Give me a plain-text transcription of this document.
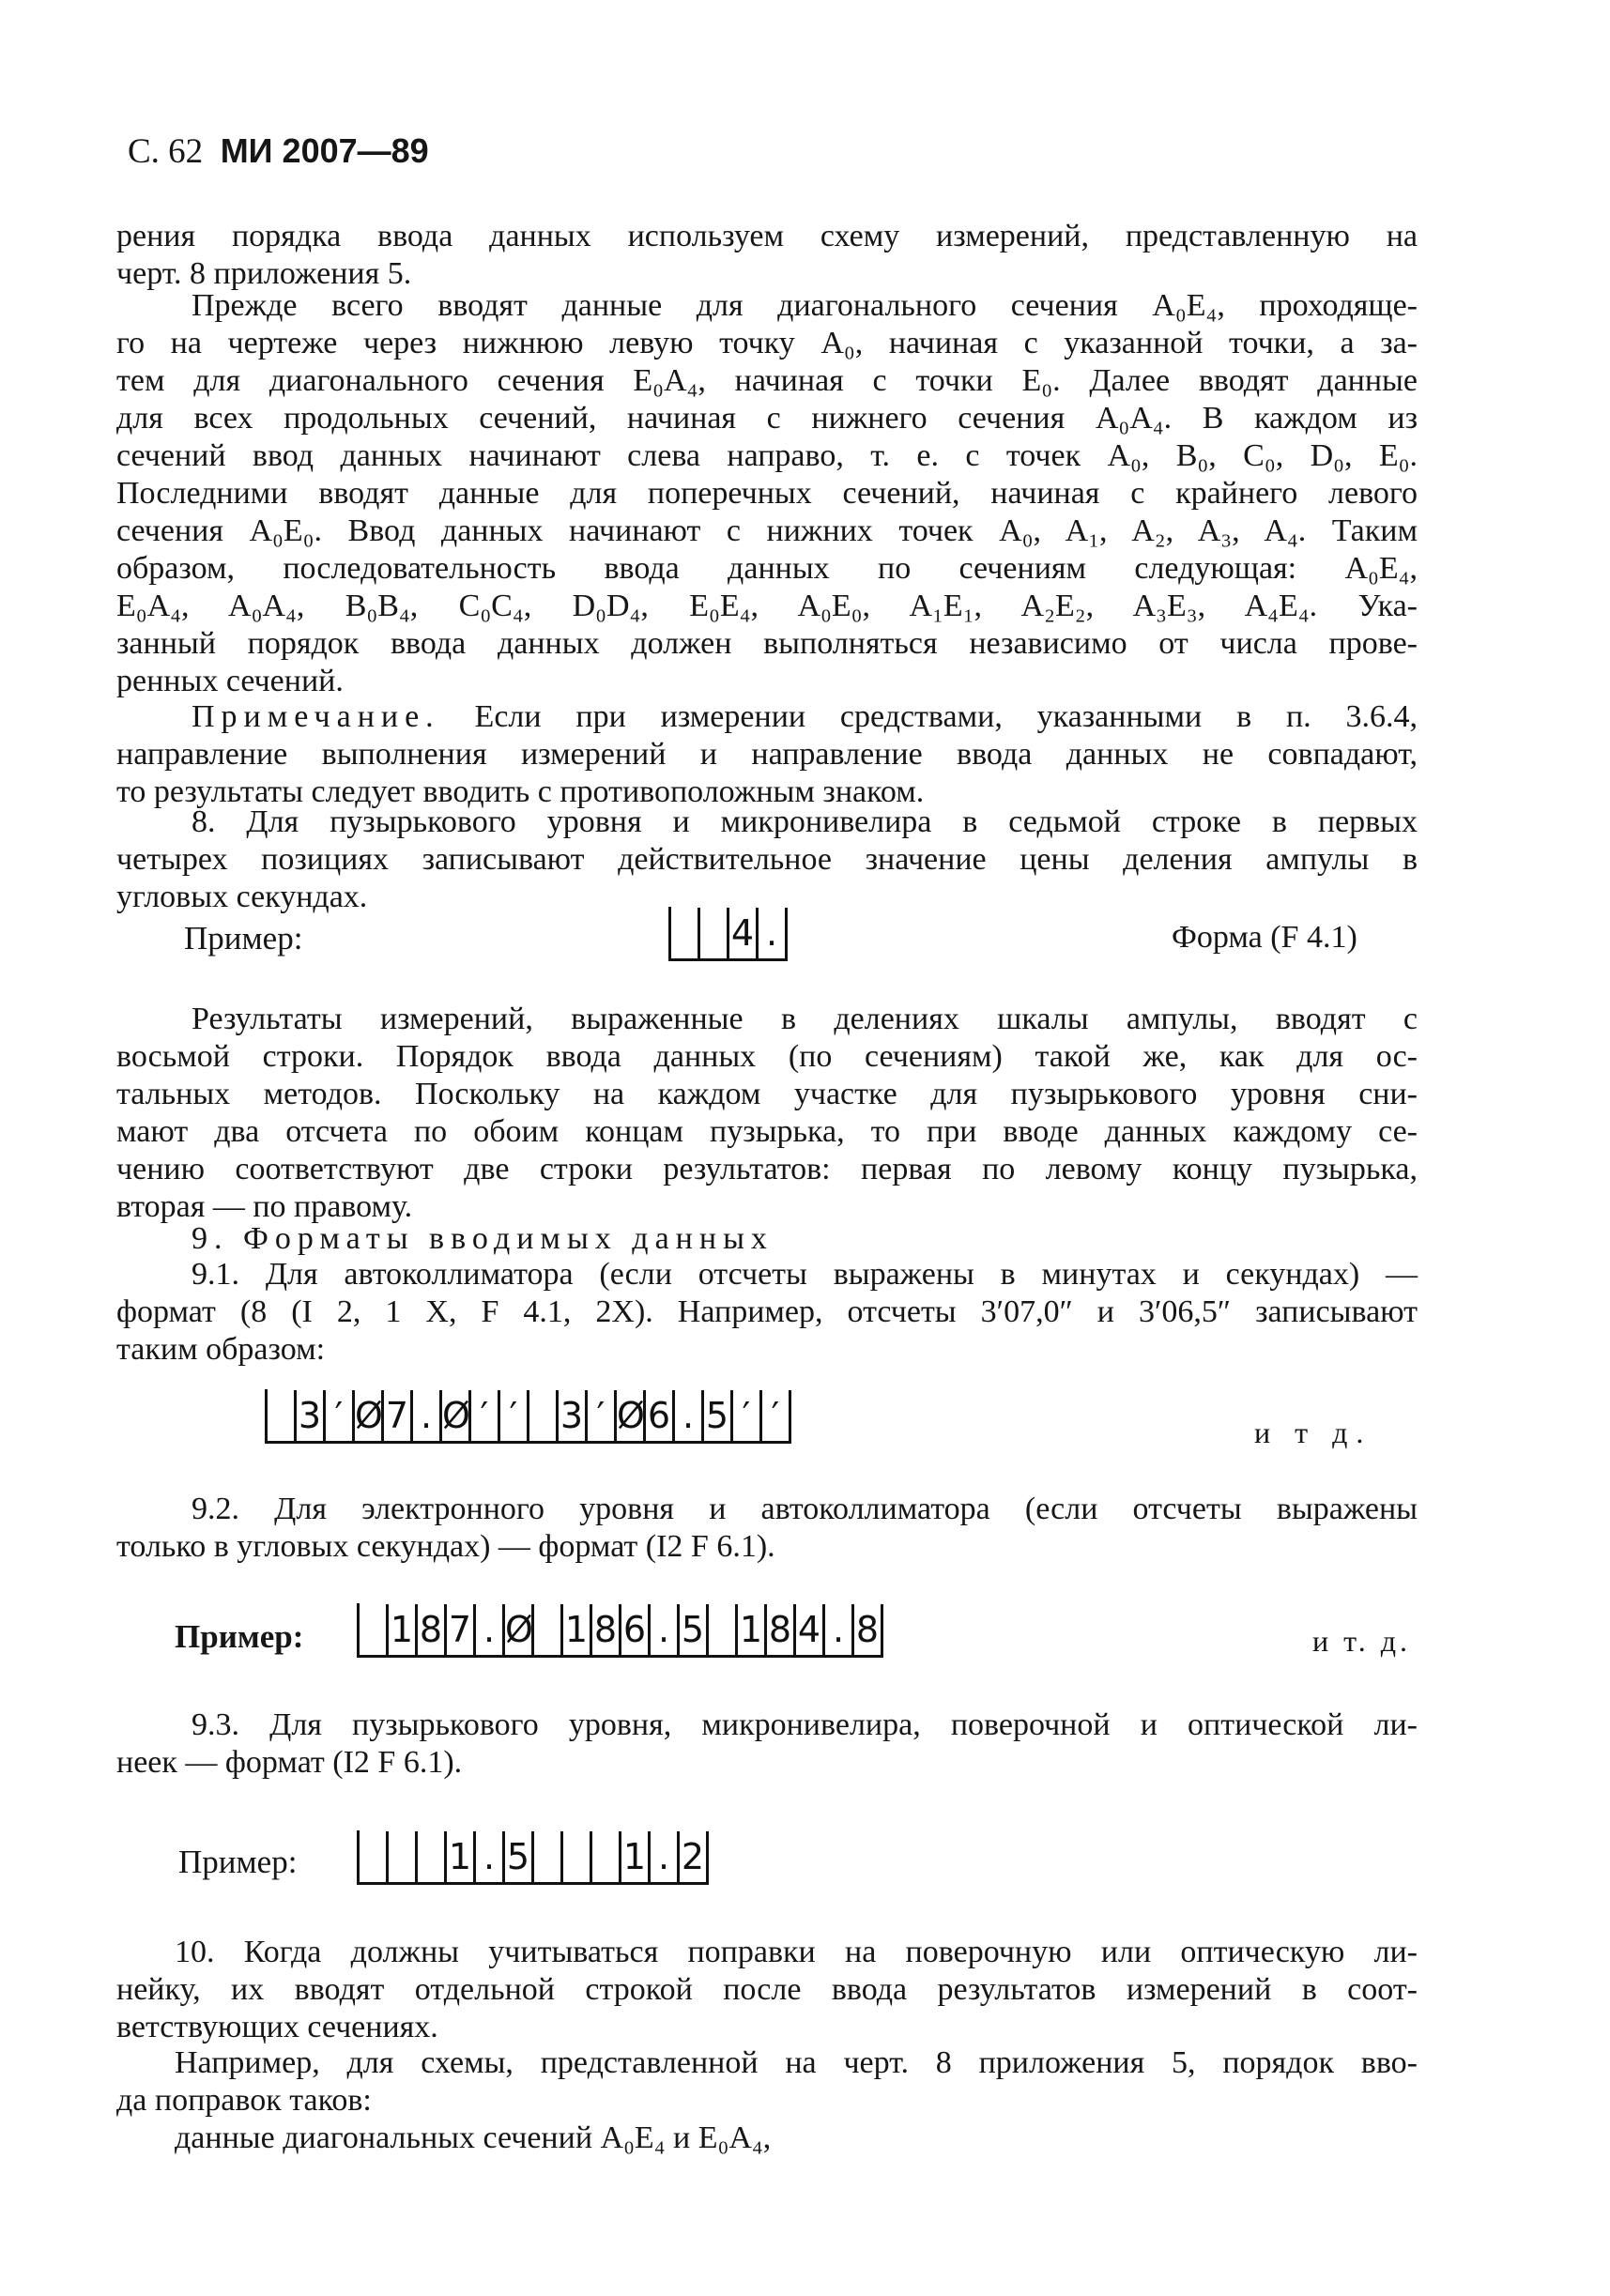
С. 62 МИ 2007—89
рения порядка ввода данных используем схему измерений, представленную на
черт. 8 приложения 5.
Прежде всего вводят данные для диагонального сечения A₀E₄, проходяще-
го на чертеже через нижнюю левую точку A₀, начиная с указанной точки, а за-
тем для диагонального сечения E₀A₄, начиная с точки E₀. Далее вводят данные
для всех продольных сечений, начиная с нижнего сечения A₀A₄. В каждом из
сечений ввод данных начинают слева направо, т. е. с точек A₀, B₀, C₀, D₀, E₀.
Последними вводят данные для поперечных сечений, начиная с крайнего левого
сечения A₀E₀. Ввод данных начинают с нижних точек A₀, A₁, A₂, A₃, A₄. Таким
образом, последовательность ввода данных по сечениям следующая: A₀E₄,
E₀A₄, A₀A₄, B₀B₄, C₀C₄, D₀D₄, E₀E₄, A₀E₀, A₁E₁, A₂E₂, A₃E₃, A₄E₄. Ука-
занный порядок ввода данных должен выполняться независимо от числа прове-
ренных сечений.
Примечание. Если при измерении средствами, указанными в п. 3.6.4,
направление выполнения измерений и направление ввода данных не совпадают,
то результаты следует вводить с противоположным знаком.
8. Для пузырькового уровня и микронивелира в седьмой строке в первых
четырех позициях записывают действительное значение цены деления ампулы в
угловых секундах.
Пример:	4 .	Форма (F 4.1)
Результаты измерений, выраженные в делениях шкалы ампулы, вводят с
восьмой строки. Порядок ввода данных (по сечениям) такой же, как для ос-
тальных методов. Поскольку на каждом участке для пузырькового уровня сни-
мают два отсчета по обоим концам пузырька, то при вводе данных каждому се-
чению соответствуют две строки результатов: первая по левому концу пузырька,
вторая — по правому.
9. Форматы вводимых данных
9.1. Для автоколлиматора (если отсчеты выражены в минутах и секундах) —
формат (8 (I 2, 1 X, F 4.1, 2X). Например, отсчеты 3′07,0″ и 3′06,5″ записывают
таким образом:
3 ′ Ø 7 . Ø ′ ′	3 ′ Ø 6 . 5 ′ ′	и т д.
9.2. Для электронного уровня и автоколлиматора (если отсчеты выражены
только в угловых секундах) — формат (I2 F 6.1).
Пример: 1 8 7 . Ø 1 8 6 . 5 1 8 4 . 8	и т. д.
9.3. Для пузырькового уровня, микронивелира, поверочной и оптической ли-
неек — формат (I2 F 6.1).
Пример:	1 . 5	1 . 2
10. Когда должны учитываться поправки на поверочную или оптическую ли-
нейку, их вводят отдельной строкой после ввода результатов измерений в соот-
ветствующих сечениях.
Например, для схемы, представленной на черт. 8 приложения 5, порядок вво-
да поправок таков:
данные диагональных сечений A₀E₄ и E₀A₄,
